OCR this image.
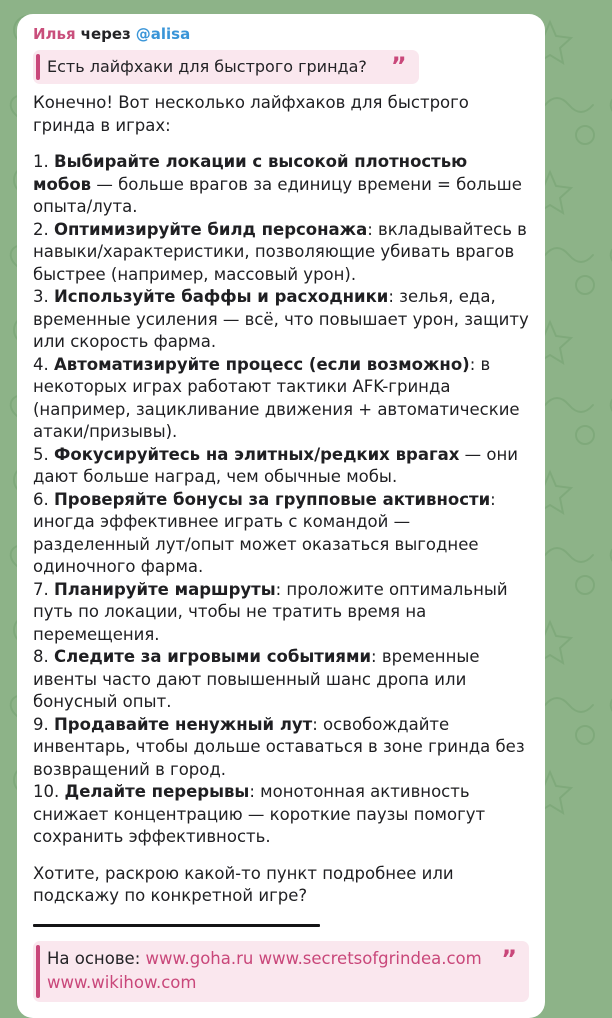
Илья через @alisa
Есть лайфхаки для быстрого гринда? ”

Конечно! Вот несколько лайфхаков для быстрого гринда в играх:

1. Выбирайте локации с высокой плотностью мобов — больше врагов за единицу времени = больше опыта/лута.
2. Оптимизируйте билд персонажа: вкладывайтесь в навыки/характеристики, позволяющие убивать врагов быстрее (например, массовый урон).
3. Используйте баффы и расходники: зелья, еда, временные усиления — всё, что повышает урон, защиту или скорость фарма.
4. Автоматизируйте процесс (если возможно): в некоторых играх работают тактики AFK-гринда (например, зацикливание движения + автоматические атаки/призывы).
5. Фокусируйтесь на элитных/редких врагах — они дают больше наград, чем обычные мобы.
6. Проверяйте бонусы за групповые активности: иногда эффективнее играть с командой — разделенный лут/опыт может оказаться выгоднее одиночного фарма.
7. Планируйте маршруты: проложите оптимальный путь по локации, чтобы не тратить время на перемещения.
8. Следите за игровыми событиями: временные ивенты часто дают повышенный шанс дропа или бонусный опыт.
9. Продавайте ненужный лут: освобождайте инвентарь, чтобы дольше оставаться в зоне гринда без возвращений в город.
10. Делайте перерывы: монотонная активность снижает концентрацию — короткие паузы помогут сохранить эффективность.

Хотите, раскрою какой-то пункт подробнее или подскажу по конкретной игре?

На основе: www.goha.ru www.secretsofgrindea.com www.wikihow.com
”
